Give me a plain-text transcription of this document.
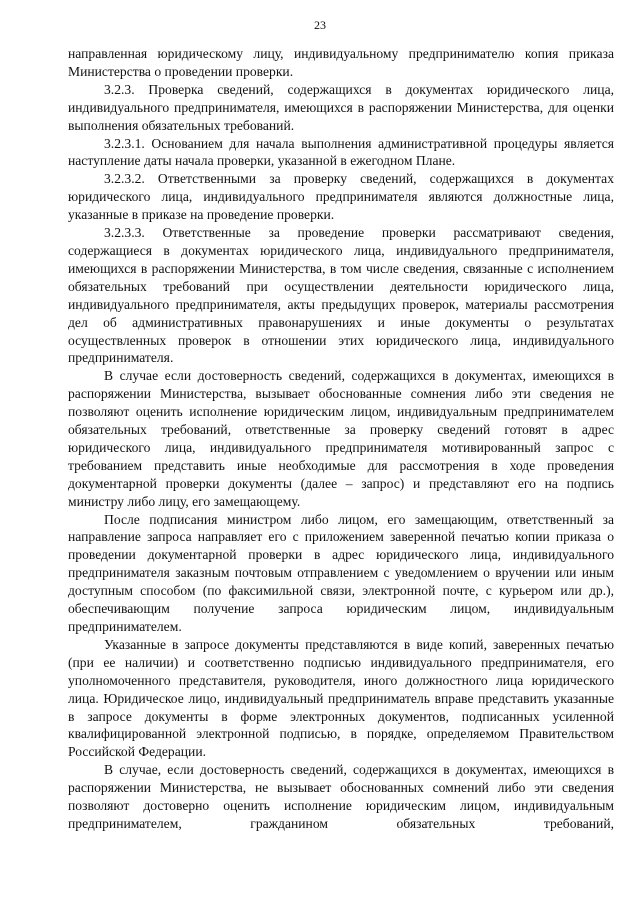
23

направленная юридическому лицу, индивидуальному предпринимателю копия приказа Министерства о проведении проверки.

3.2.3. Проверка сведений, содержащихся в документах юридического лица, индивидуального предпринимателя, имеющихся в распоряжении Министерства, для оценки выполнения обязательных требований.

3.2.3.1. Основанием для начала выполнения административной процедуры является наступление даты начала проверки, указанной в ежегодном Плане.

3.2.3.2. Ответственными за проверку сведений, содержащихся в документах юридического лица, индивидуального предпринимателя являются должностные лица, указанные в приказе на проведение проверки.

3.2.3.3. Ответственные за проведение проверки рассматривают сведения, содержащиеся в документах юридического лица, индивидуального предпринимателя, имеющихся в распоряжении Министерства, в том числе сведения, связанные с исполнением обязательных требований при осуществлении деятельности юридического лица, индивидуального предпринимателя, акты предыдущих проверок, материалы рассмотрения дел об административных правонарушениях и иные документы о результатах осуществленных проверок в отношении этих юридического лица, индивидуального предпринимателя.

В случае если достоверность сведений, содержащихся в документах, имеющихся в распоряжении Министерства, вызывает обоснованные сомнения либо эти сведения не позволяют оценить исполнение юридическим лицом, индивидуальным предпринимателем обязательных требований, ответственные за проверку сведений готовят в адрес юридического лица, индивидуального предпринимателя мотивированный запрос с требованием представить иные необходимые для рассмотрения в ходе проведения документарной проверки документы (далее – запрос) и представляют его на подпись министру либо лицу, его замещающему.

После подписания министром либо лицом, его замещающим, ответственный за направление запроса направляет его с приложением заверенной печатью копии приказа о проведении документарной проверки в адрес юридического лица, индивидуального предпринимателя заказным почтовым отправлением с уведомлением о вручении или иным доступным способом (по факсимильной связи, электронной почте, с курьером или др.), обеспечивающим получение запроса юридическим лицом, индивидуальным предпринимателем.

Указанные в запросе документы представляются в виде копий, заверенных печатью (при ее наличии) и соответственно подписью индивидуального предпринимателя, его уполномоченного представителя, руководителя, иного должностного лица юридического лица. Юридическое лицо, индивидуальный предприниматель вправе представить указанные в запросе документы в форме электронных документов, подписанных усиленной квалифицированной электронной подписью, в порядке, определяемом Правительством Российской Федерации.

В случае, если достоверность сведений, содержащихся в документах, имеющихся в распоряжении Министерства, не вызывает обоснованных сомнений либо эти сведения позволяют достоверно оценить исполнение юридическим лицом, индивидуальным предпринимателем, гражданином обязательных требований,
